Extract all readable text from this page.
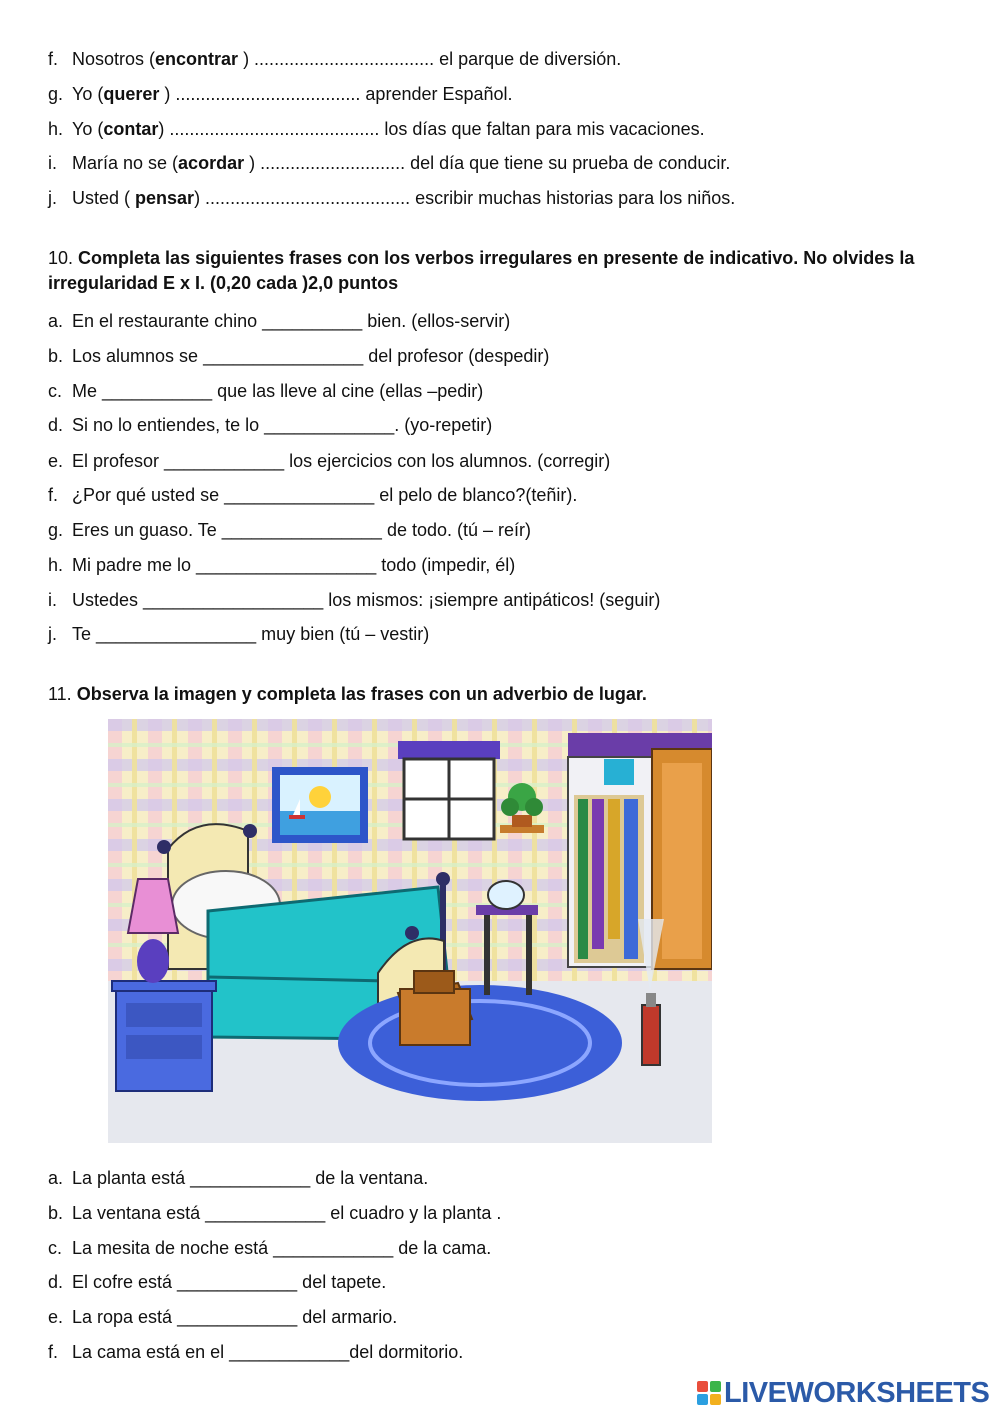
f. Nosotros (encontrar ) .................................... el parque de diversión.
g. Yo (querer ) ..................................... aprender Español.
h. Yo (contar) .......................................... los días que faltan para mis vacaciones.
i. María no se (acordar ) ............................. del día que tiene su prueba de conducir.
j. Usted ( pensar) ......................................... escribir muchas historias para los niños.
10. Completa las siguientes frases con los verbos irregulares en presente de indicativo. No olvides la irregularidad E x I. (0,20 cada )2,0 puntos
a. En el restaurante chino __________ bien. (ellos-servir)
b. Los alumnos se ________________ del profesor (despedir)
c. Me ___________ que las lleve al cine (ellas –pedir)
d. Si no lo entiendes, te lo _____________. (yo-repetir)
e. El profesor ____________ los ejercicios con los alumnos. (corregir)
f. ¿Por qué usted se _______________ el pelo de blanco?(teñir).
g. Eres un guaso. Te ________________ de todo. (tú – reír)
h. Mi padre me lo __________________ todo (impedir, él)
i. Ustedes __________________ los mismos: ¡siempre antipáticos! (seguir)
j. Te ________________ muy bien (tú – vestir)
11. Observa la imagen y completa las frases con un adverbio de lugar.
a. La planta está ____________ de la ventana.
b. La ventana está ____________ el cuadro y la planta .
c. La mesita de noche está ____________ de la cama.
d. El cofre está ____________ del tapete.
e. La ropa está ____________ del armario.
f. La cama está en el ____________del dormitorio.
LIVEWORKSHEETS
